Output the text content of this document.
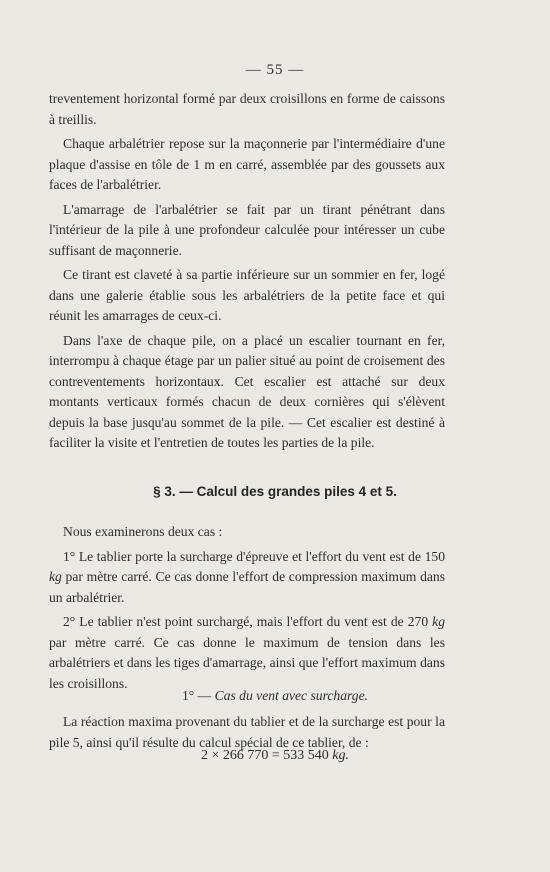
— 55 —

treventement horizontal formé par deux croisillons en forme de caissons à treillis.

Chaque arbalétrier repose sur la maçonnerie par l'intermédiaire d'une plaque d'assise en tôle de 1 m en carré, assemblée par des goussets aux faces de l'arbalétrier.

L'amarrage de l'arbalétrier se fait par un tirant pénétrant dans l'intérieur de la pile à une profondeur calculée pour intéresser un cube suffisant de maçonnerie.

Ce tirant est claveté à sa partie inférieure sur un sommier en fer, logé dans une galerie établie sous les arbalétriers de la petite face et qui réunit les amarrages de ceux-ci.

Dans l'axe de chaque pile, on a placé un escalier tournant en fer, interrompu à chaque étage par un palier situé au point de croisement des contreventements horizontaux. Cet escalier est attaché sur deux montants verticaux formés chacun de deux cornières qui s'élèvent depuis la base jusqu'au sommet de la pile. — Cet escalier est destiné à faciliter la visite et l'entretien de toutes les parties de la pile.

§ 3. — Calcul des grandes piles 4 et 5.

Nous examinerons deux cas :

1° Le tablier porte la surcharge d'épreuve et l'effort du vent est de 150 kg par mètre carré. Ce cas donne l'effort de compression maximum dans un arbalétrier.

2° Le tablier n'est point surchargé, mais l'effort du vent est de 270 kg par mètre carré. Ce cas donne le maximum de tension dans les arbalétriers et dans les tiges d'amarrage, ainsi que l'effort maximum dans les croisillons.

1° — Cas du vent avec surcharge.

La réaction maxima provenant du tablier et de la surcharge est pour la pile 5, ainsi qu'il résulte du calcul spécial de ce tablier, de :

2 × 266 770 = 533 540 kg.
